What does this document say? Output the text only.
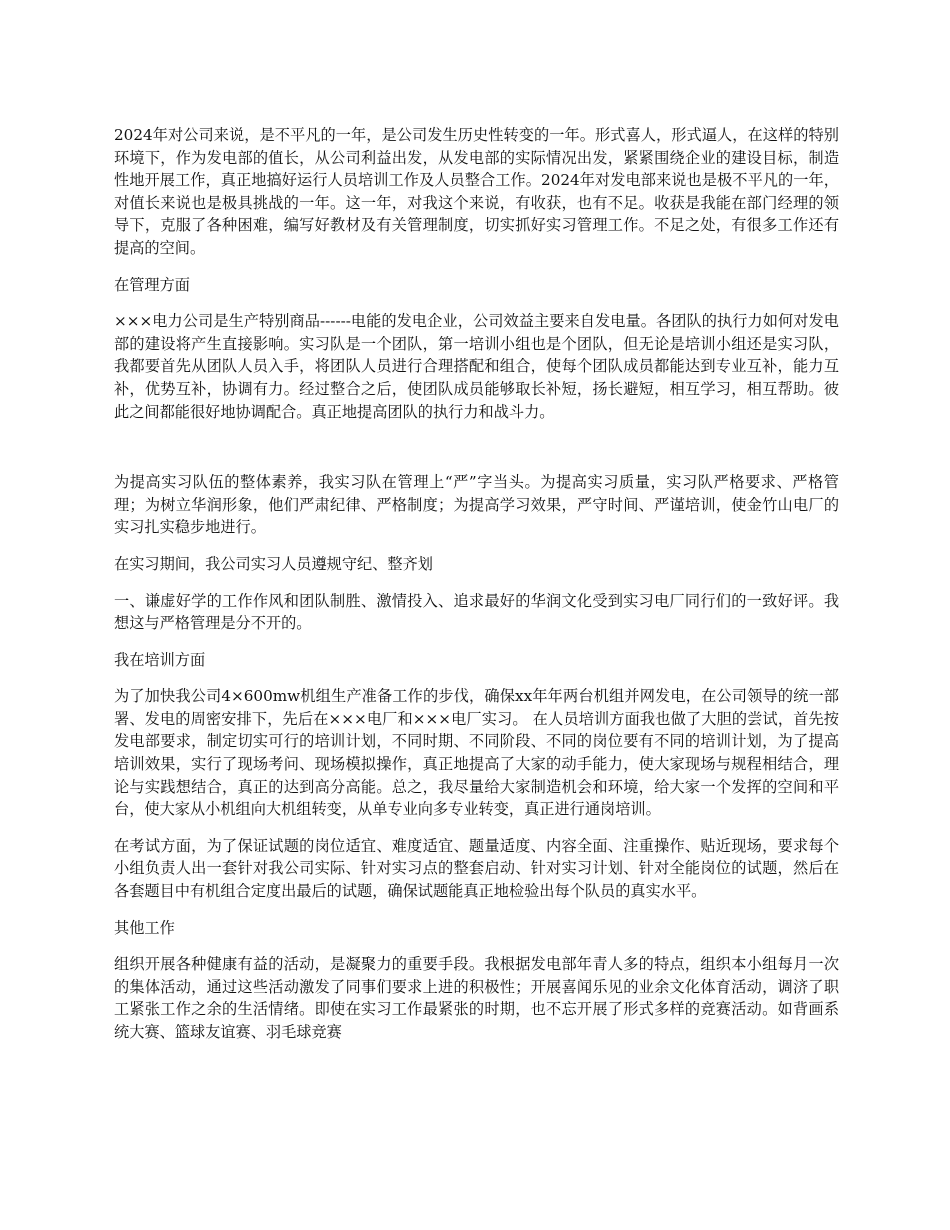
2024年对公司来说，是不平凡的一年，是公司发生历史性转变的一年。形式喜人，形式逼人，在这样的特别环境下，作为发电部的值长，从公司利益出发，从发电部的实际情况出发，紧紧围绕企业的建设目标，制造性地开展工作，真正地搞好运行人员培训工作及人员整合工作。2024年对发电部来说也是极不平凡的一年，对值长来说也是极具挑战的一年。这一年，对我这个来说，有收获，也有不足。收获是我能在部门经理的领导下，克服了各种困难，编写好教材及有关管理制度，切实抓好实习管理工作。不足之处，有很多工作还有提高的空间。

在管理方面

×××电力公司是生产特别商品------电能的发电企业，公司效益主要来自发电量。各团队的执行力如何对发电部的建设将产生直接影响。实习队是一个团队，第一培训小组也是个团队，但无论是培训小组还是实习队，我都要首先从团队人员入手，将团队人员进行合理搭配和组合，使每个团队成员都能达到专业互补，能力互补，优势互补，协调有力。经过整合之后，使团队成员能够取长补短，扬长避短，相互学习，相互帮助。彼此之间都能很好地协调配合。真正地提高团队的执行力和战斗力。

为提高实习队伍的整体素养，我实习队在管理上“严”字当头。为提高实习质量，实习队严格要求、严格管理；为树立华润形象，他们严肃纪律、严格制度；为提高学习效果，严守时间、严谨培训，使金竹山电厂的实习扎实稳步地进行。

在实习期间，我公司实习人员遵规守纪、整齐划

一、谦虚好学的工作作风和团队制胜、激情投入、追求最好的华润文化受到实习电厂同行们的一致好评。我想这与严格管理是分不开的。

我在培训方面

为了加快我公司4×600mw机组生产准备工作的步伐，确保xx年年两台机组并网发电，在公司领导的统一部署、发电的周密安排下，先后在×××电厂和×××电厂实习。 在人员培训方面我也做了大胆的尝试，首先按发电部要求，制定切实可行的培训计划，不同时期、不同阶段、不同的岗位要有不同的培训计划，为了提高培训效果，实行了现场考问、现场模拟操作，真正地提高了大家的动手能力，使大家现场与规程相结合，理论与实践想结合，真正的达到高分高能。总之，我尽量给大家制造机会和环境，给大家一个发挥的空间和平台，使大家从小机组向大机组转变，从单专业向多专业转变，真正进行通岗培训。

在考试方面，为了保证试题的岗位适宜、难度适宜、题量适度、内容全面、注重操作、贴近现场，要求每个小组负责人出一套针对我公司实际、针对实习点的整套启动、针对实习计划、针对全能岗位的试题，然后在各套题目中有机组合定度出最后的试题，确保试题能真正地检验出每个队员的真实水平。

其他工作

组织开展各种健康有益的活动，是凝聚力的重要手段。我根据发电部年青人多的特点，组织本小组每月一次的集体活动，通过这些活动激发了同事们要求上进的积极性；开展喜闻乐见的业余文化体育活动，调济了职工紧张工作之余的生活情绪。即使在实习工作最紧张的时期，也不忘开展了形式多样的竞赛活动。如背画系统大赛、篮球友谊赛、羽毛球竞赛
